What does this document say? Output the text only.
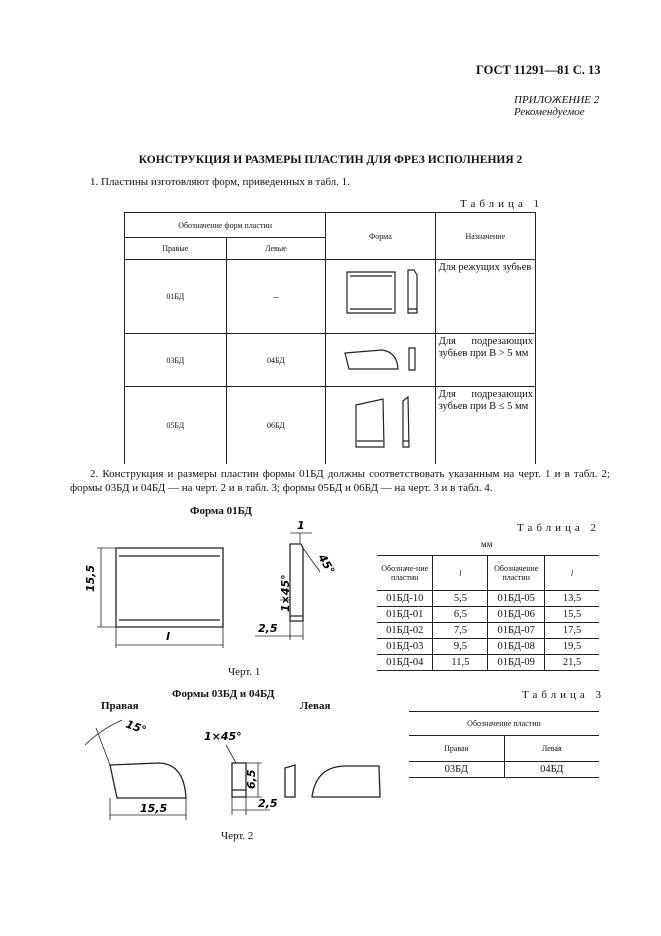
ГОСТ 11291—81 С. 13
ПРИЛОЖЕНИЕ 2
Рекомендуемое
КОНСТРУКЦИЯ И РАЗМЕРЫ ПЛАСТИН ДЛЯ ФРЕЗ ИСПОЛНЕНИЯ 2
1. Пластины изготовляют форм, приведенных в табл. 1.
Таблица 1
Обозначение форм пластин		Форма	Назначение
Правые	Левые		
01БД	–		Для режущих зубьев
03БД	04БД		Для подрезающих зубьев при B > 5 мм
05БД	06БД		Для подрезающих зубьев при B ≤ 5 мм
2. Конструкция и размеры пластин формы 01БД должны соответствовать указанным на черт. 1 и в табл. 2; формы 03БД и 04БД — на черт. 2 и в табл. 3; формы 05БД и 06БД — на черт. 3 и в табл. 4.
Форма 01БД
15,5
l
2,5
1
45°
1×45°
Черт. 1
Таблица 2
мм
Обозначе-ние пластин	l	Обозначение пластин	l
01БД-10	5,5	01БД-05	13,5
01БД-01	6,5	01БД-06	15,5
01БД-02	7,5	01БД-07	17,5
01БД-03	9,5	01БД-08	19,5
01БД-04	11,5	01БД-09	21,5
Формы 03БД и 04БД
Правая	Левая
15°
15,5
1×45°
6,5
2,5
Черт. 2
Таблица 3
Обозначение пластин	
Правая	Левая
03БД	04БД
